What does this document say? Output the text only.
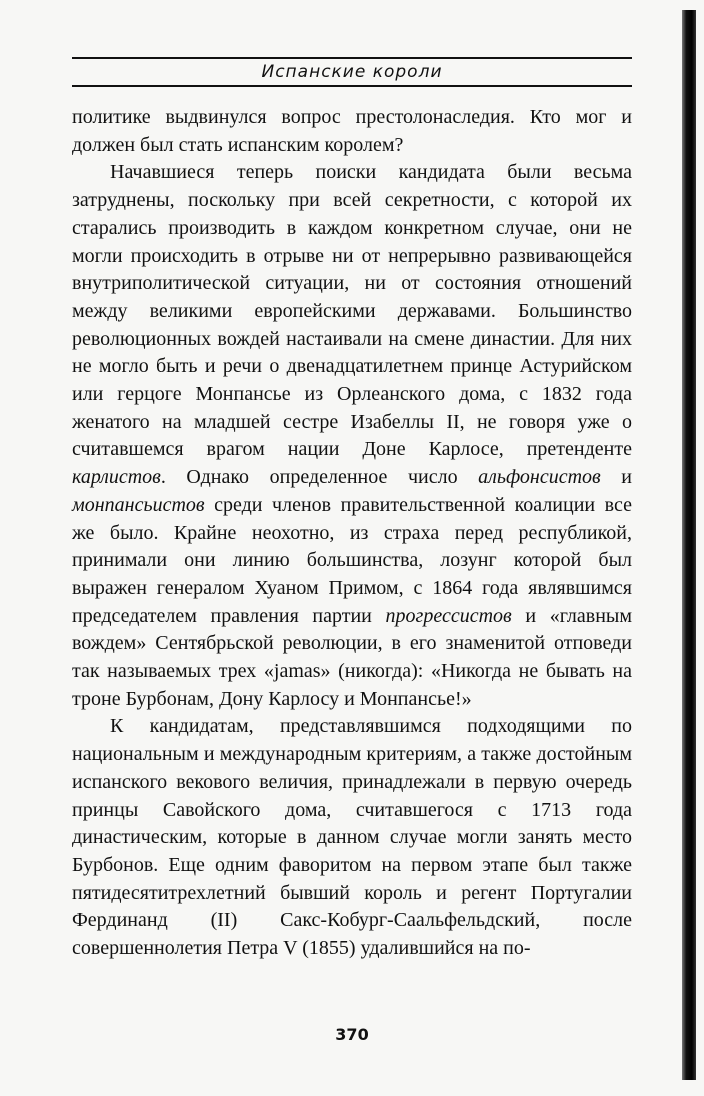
Испанские короли

политике выдвинулся вопрос престолонаследия. Кто мог и должен был стать испанским королем?

Начавшиеся теперь поиски кандидата были весьма затруднены, поскольку при всей секретности, с которой их старались производить в каждом конкретном случае, они не могли происходить в отрыве ни от непрерывно развивающейся внутриполитической ситуации, ни от состояния отношений между великими европейскими державами. Большинство революционных вождей настаивали на смене династии. Для них не могло быть и речи о двенадцатилетнем принце Астурийском или герцоге Монпансье из Орлеанского дома, с 1832 года женатого на младшей сестре Изабеллы II, не говоря уже о считавшемся врагом нации Доне Карлосе, претенденте карлистов. Однако определенное число альфонсистов и монпансьистов среди членов правительственной коалиции все же было. Крайне неохотно, из страха перед республикой, принимали они линию большинства, лозунг которой был выражен генералом Хуаном Примом, с 1864 года являвшимся председателем правления партии прогрессистов и «главным вождем» Сентябрьской революции, в его знаменитой отповеди так называемых трех «jamas» (никогда): «Никогда не бывать на троне Бурбонам, Дону Карлосу и Монпансье!»

К кандидатам, представлявшимся подходящими по национальным и международным критериям, а также достойным испанского векового величия, принадлежали в первую очередь принцы Савойского дома, считавшегося с 1713 года династическим, которые в данном случае могли занять место Бурбонов. Еще одним фаворитом на первом этапе был также пятидесятитрехлетний бывший король и регент Португалии Фердинанд (II) Сакс-Кобург-Саальфельдский, после совершеннолетия Петра V (1855) удалившийся на по-

370
